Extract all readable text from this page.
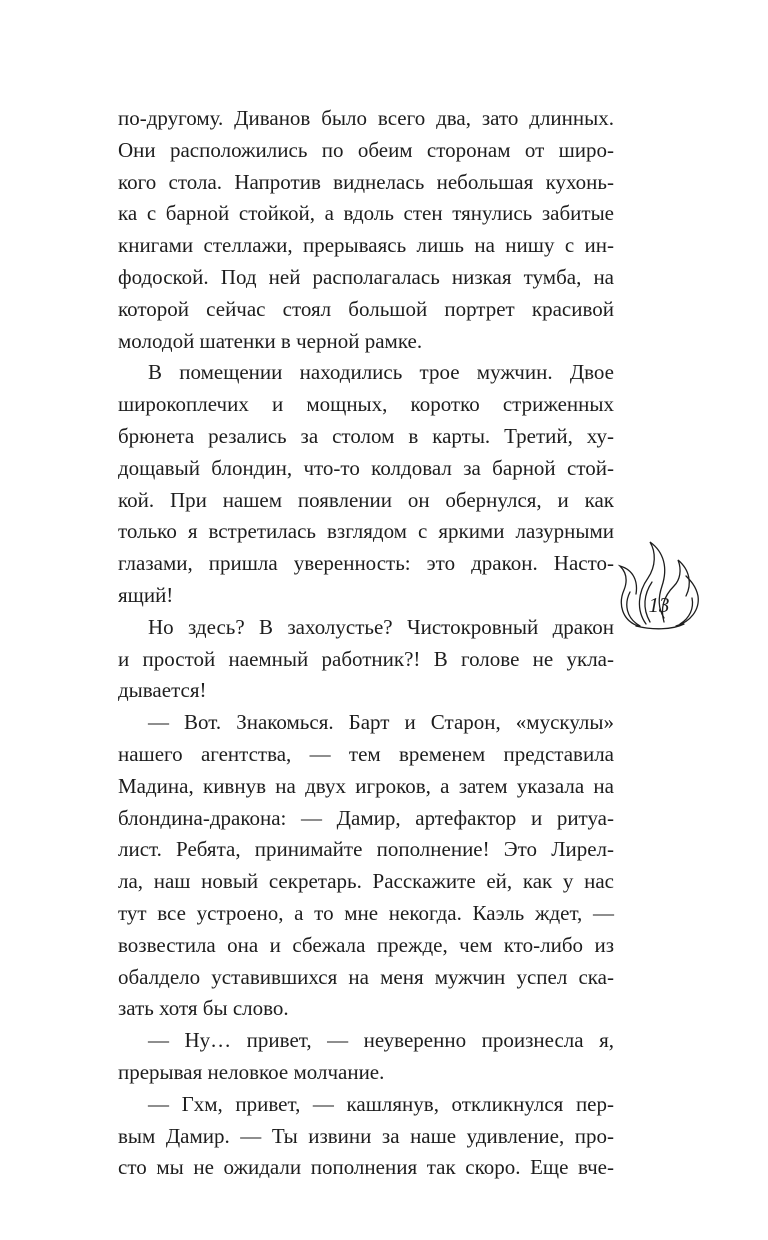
по-другому. Диванов было всего два, зато длинных.
Они расположились по обеим сторонам от широ-
кого стола. Напротив виднелась небольшая кухонь-
ка с барной стойкой, а вдоль стен тянулись забитые
книгами стеллажи, прерываясь лишь на нишу с ин-
фодоской. Под ней располагалась низкая тумба, на
которой сейчас стоял большой портрет красивой
молодой шатенки в черной рамке.
В помещении находились трое мужчин. Двое
широкоплечих и мощных, коротко стриженных
брюнета резались за столом в карты. Третий, ху-
дощавый блондин, что-то колдовал за барной стой-
кой. При нашем появлении он обернулся, и как
только я встретилась взглядом с яркими лазурными
глазами, пришла уверенность: это дракон. Насто-
ящий!
Но здесь? В захолустье? Чистокровный дракон
и простой наемный работник?! В голове не укла-
дывается!
— Вот. Знакомься. Барт и Старон, «мускулы»
нашего агентства, — тем временем представила
Мадина, кивнув на двух игроков, а затем указала на
блондина-дракона: — Дамир, артефактор и ритуа-
лист. Ребята, принимайте пополнение! Это Лирел-
ла, наш новый секретарь. Расскажите ей, как у нас
тут все устроено, а то мне некогда. Каэль ждет, —
возвестила она и сбежала прежде, чем кто-либо из
обалдело уставившихся на меня мужчин успел ска-
зать хотя бы слово.
— Ну… привет, — неуверенно произнесла я,
прерывая неловкое молчание.
— Гхм, привет, — кашлянув, откликнулся пер-
вым Дамир. — Ты извини за наше удивление, про-
сто мы не ожидали пополнения так скоро. Еще вче-
13
